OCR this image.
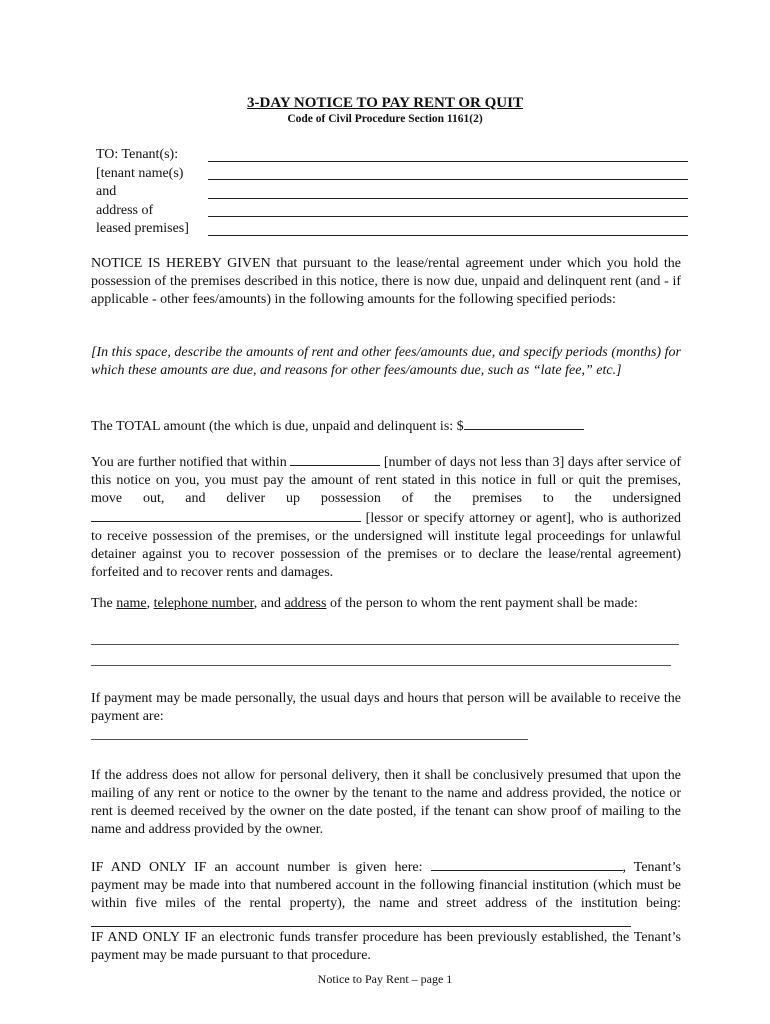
3-DAY NOTICE TO PAY RENT OR QUIT
Code of Civil Procedure Section 1161(2)
TO: Tenant(s):
[tenant name(s)
and
address of
leased premises]
NOTICE IS HEREBY GIVEN that pursuant to the lease/rental agreement under which you hold the possession of the premises described in this notice, there is now due, unpaid and delinquent rent (and - if applicable - other fees/amounts) in the following amounts for the following specified periods:
[In this space, describe the amounts of rent and other fees/amounts due, and specify periods (months) for which these amounts are due, and reasons for other fees/amounts due, such as “late fee,” etc.]
The TOTAL amount (the which is due, unpaid and delinquent is: $
You are further notified that within	[number of days not less than 3] days after service of this notice on you, you must pay the amount of rent stated in this notice in full or quit the premises, move out, and deliver up possession of the premises to the undersigned  [lessor or specify attorney or agent], who is authorized to receive possession of the premises, or the undersigned will institute legal proceedings for unlawful detainer against you to recover possession of the premises or to declare the lease/rental agreement) forfeited and to recover rents and damages.
The name, telephone number, and address of the person to whom the rent payment shall be made:
If payment may be made personally, the usual days and hours that person will be available to receive the payment are:
If the address does not allow for personal delivery, then it shall be conclusively presumed that upon the mailing of any rent or notice to the owner by the tenant to the name and address provided, the notice or rent is deemed received by the owner on the date posted, if the tenant can show proof of mailing to the name and address provided by the owner.
IF AND ONLY IF an account number is given here:	, Tenant’s payment may be made into that numbered account in the following financial institution (which must be within five miles of the rental property), the name and street address of the institution being:
IF AND ONLY IF an electronic funds transfer procedure has been previously established, the Tenant’s payment may be made pursuant to that procedure.
Notice to Pay Rent – page 1
